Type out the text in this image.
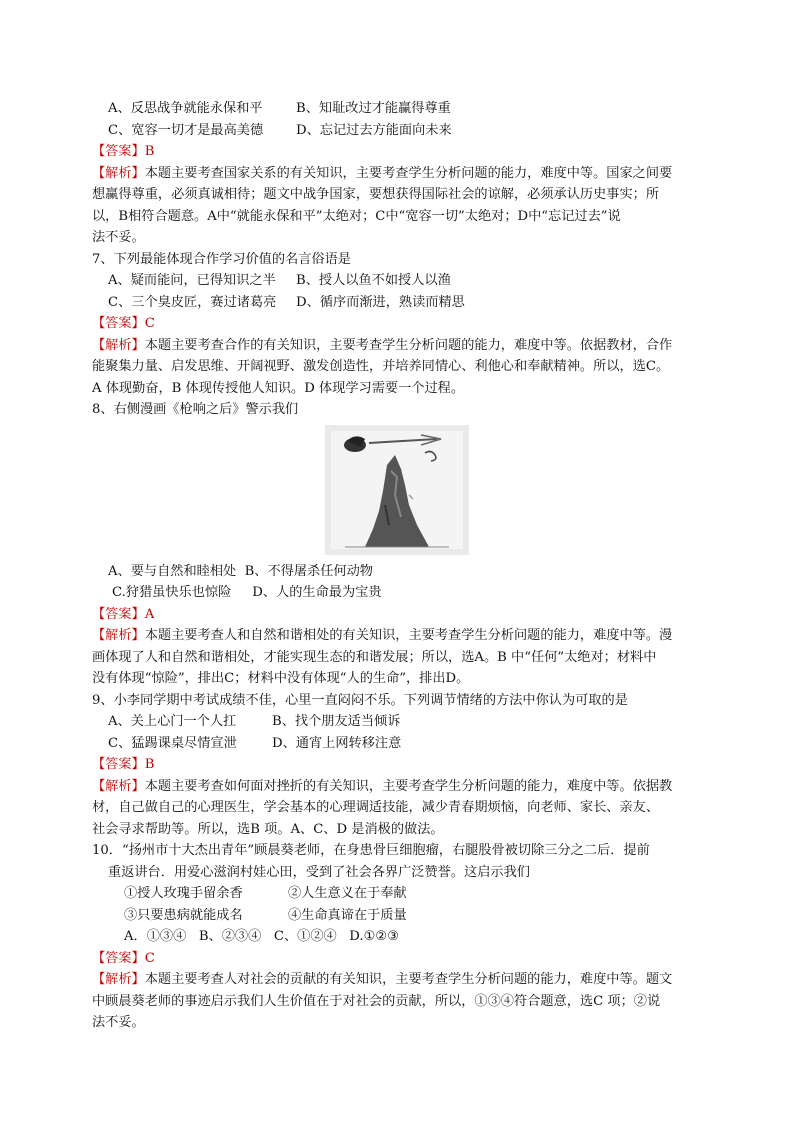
A、反思战争就能永保和平	B、知耻改过才能赢得尊重
C、宽容一切才是最高美德 D、忘记过去方能面向未来
【答案】B
【解析】本题主要考查国家关系的有关知识，主要考查学生分析问题的能力，难度中等。国家之间要
想赢得尊重，必须真诚相待；题文中战争国家，要想获得国际社会的谅解，必须承认历史事实；所
以，B相符合题意。A中“就能永保和平”太绝对；C中“宽容一切”太绝对；D中“忘记过去”说
法不妥。
7、下列最能体现合作学习价值的名言俗语是
A、疑而能问，已得知识之半 B、授人以鱼不如授人以渔
C、三个臭皮匠，赛过诸葛亮 D、循序而渐进，熟读而精思
【答案】C
【解析】本题主要考查合作的有关知识，主要考查学生分析问题的能力，难度中等。依据教材，合作
能聚集力量、启发思维、开阔视野、激发创造性，并培养同情心、利他心和奉献精神。所以，选C。
A 体现勤奋，B 体现传授他人知识。D 体现学习需要一个过程。
8、右侧漫画《枪响之后》警示我们
A、要与自然和睦相处 B、不得屠杀任何动物
C.狩猎虽快乐也惊险 D、人的生命最为宝贵
【答案】A
【解析】本题主要考查人和自然和谐相处的有关知识，主要考查学生分析问题的能力，难度中等。漫
画体现了人和自然和谐相处，才能实现生态的和谐发展；所以，选A。B 中“任何”太绝对；材料中
没有体现“惊险”，排出C；材料中没有体现“人的生命”，排出D。
9、小李同学期中考试成绩不佳，心里一直闷闷不乐。下列调节情绪的方法中你认为可取的是
A、关上心门一个人扛	B、找个朋友适当倾诉
C、猛踢课桌尽情宣泄	D、通宵上网转移注意
【答案】B
【解析】本题主要考查如何面对挫折的有关知识，主要考查学生分析问题的能力，难度中等。依据教
材，自己做自己的心理医生，学会基本的心理调适技能，减少青春期烦恼，向老师、家长、亲友、
社会寻求帮助等。所以，选B 项。A、C、D 是消极的做法。
10．“扬州市十大杰出青年”顾晨葵老师，在身患骨巨细胞瘤，右腿股骨被切除三分之二后．提前
重返讲台．用爱心滋润村娃心田，受到了社会各界广泛赞誉。这启示我们
①授人玫瑰手留余香	②人生意义在于奉献
③只要患病就能成名	④生命真谛在于质量
A．①③④   B、②③④   C、①②④   D.①②③
【答案】C
【解析】本题主要考查人对社会的贡献的有关知识，主要考查学生分析问题的能力，难度中等。题文
中顾晨葵老师的事迹启示我们人生价值在于对社会的贡献，所以，①③④符合题意，选C 项；②说
法不妥。
